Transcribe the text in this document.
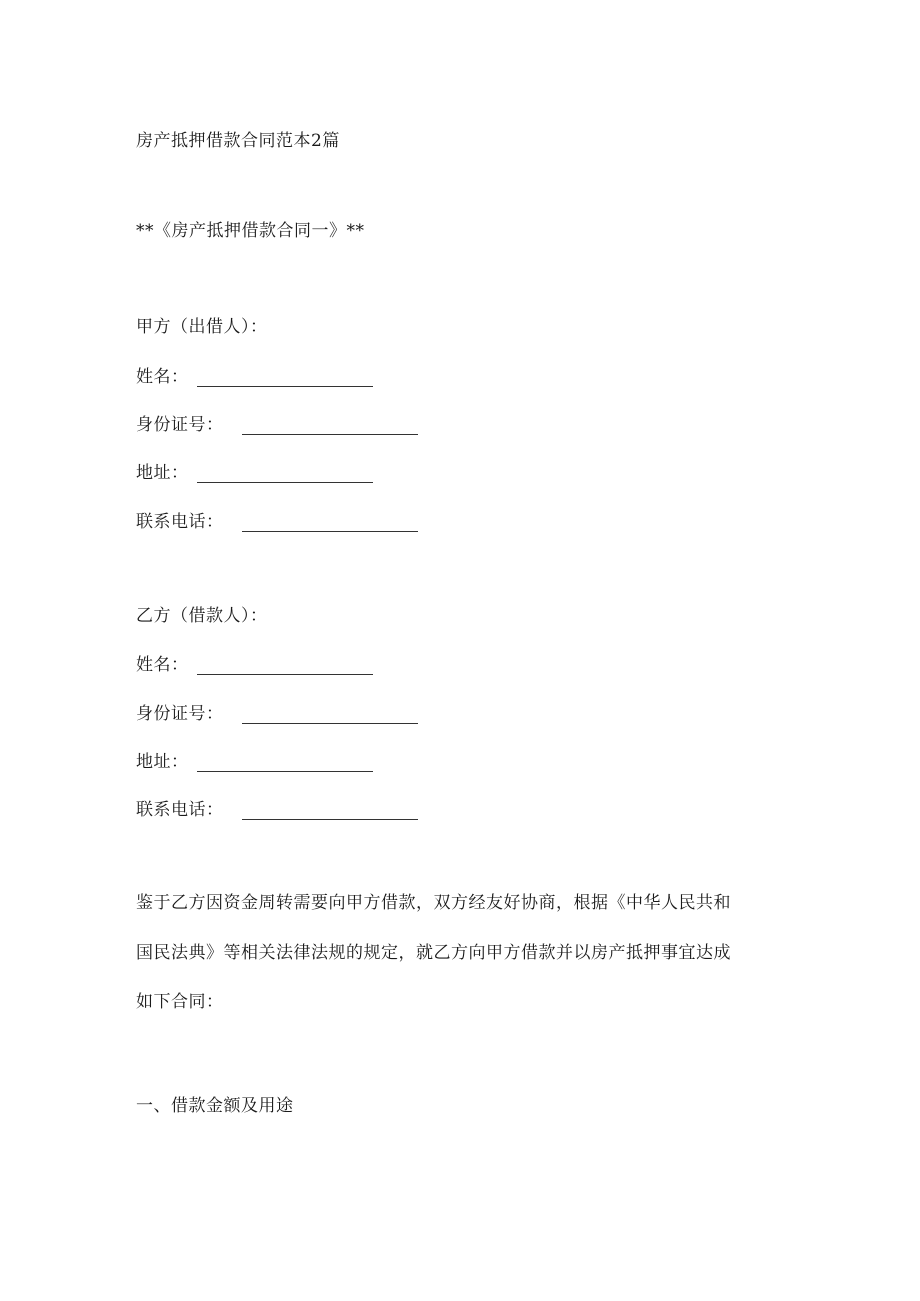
房产抵押借款合同范本2篇
**《房产抵押借款合同一》**
甲方（出借人）：
姓名：
身份证号：
地址：
联系电话：
乙方（借款人）：
姓名：
身份证号：
地址：
联系电话：
鉴于乙方因资金周转需要向甲方借款，双方经友好协商，根据《中华人民共和
国民法典》等相关法律法规的规定，就乙方向甲方借款并以房产抵押事宜达成
如下合同：
一、借款金额及用途
